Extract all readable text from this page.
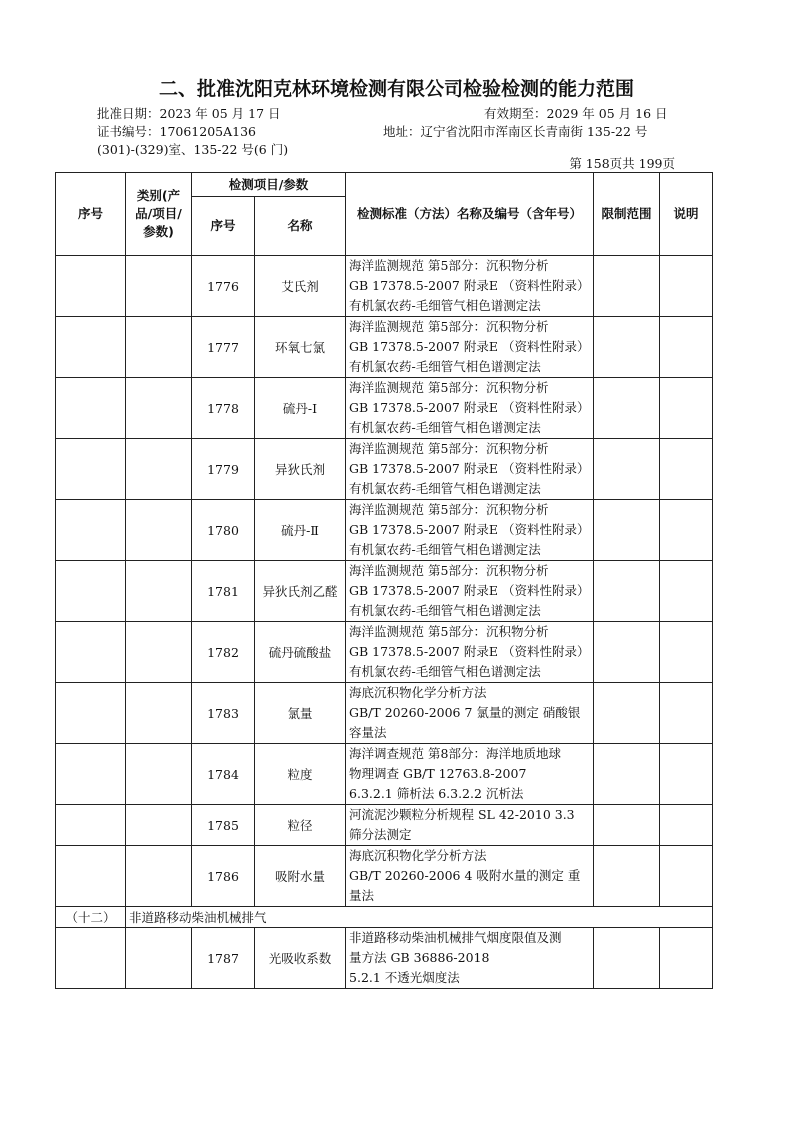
二、批准沈阳克林环境检测有限公司检验检测的能力范围
批准日期：2023 年 05 月 17 日	有效期至：2029 年 05 月 16 日
证书编号：17061205A136	地址：辽宁省沈阳市浑南区长青南街 135-22 号
(301)-(329)室、135-22 号(6 门)
第 158页共 199页
序号	类别(产品/项目/参数)	检测项目/参数		检测标准（方法）名称及编号（含年号）	限制范围	说明
		序号	名称			
		1776	艾氏剂	海洋监测规范 第5部分：沉积物分析
GB 17378.5-2007 附录E （资料性附录）
有机氯农药-毛细管气相色谱测定法		

		1777	环氧七氯	海洋监测规范 第5部分：沉积物分析
GB 17378.5-2007 附录E （资料性附录）
有机氯农药-毛细管气相色谱测定法		

		1778	硫丹-Ⅰ	海洋监测规范 第5部分：沉积物分析
GB 17378.5-2007 附录E （资料性附录）
有机氯农药-毛细管气相色谱测定法		

		1779	异狄氏剂	海洋监测规范 第5部分：沉积物分析
GB 17378.5-2007 附录E （资料性附录）
有机氯农药-毛细管气相色谱测定法		

		1780	硫丹-Ⅱ	海洋监测规范 第5部分：沉积物分析
GB 17378.5-2007 附录E （资料性附录）
有机氯农药-毛细管气相色谱测定法		

		1781	异狄氏剂乙醛	海洋监测规范 第5部分：沉积物分析
GB 17378.5-2007 附录E （资料性附录）
有机氯农药-毛细管气相色谱测定法		

		1782	硫丹硫酸盐	海洋监测规范 第5部分：沉积物分析
GB 17378.5-2007 附录E （资料性附录）
有机氯农药-毛细管气相色谱测定法		

		1783	氯量	海底沉积物化学分析方法
GB/T 20260-2006 7 氯量的测定 硝酸银
容量法		

		1784	粒度	海洋调查规范 第8部分：海洋地质地球
物理调查 GB/T 12763.8-2007
6.3.2.1 筛析法 6.3.2.2 沉析法		

		1785	粒径	河流泥沙颗粒分析规程 SL 42-2010 3.3
筛分法测定		

		1786	吸附水量	海底沉积物化学分析方法
GB/T 20260-2006 4 吸附水量的测定 重
量法		

（十二）	非道路移动柴油机械排气					
		1787	光吸收系数	非道路移动柴油机械排气烟度限值及测
量方法 GB 36886-2018
5.2.1 不透光烟度法		
